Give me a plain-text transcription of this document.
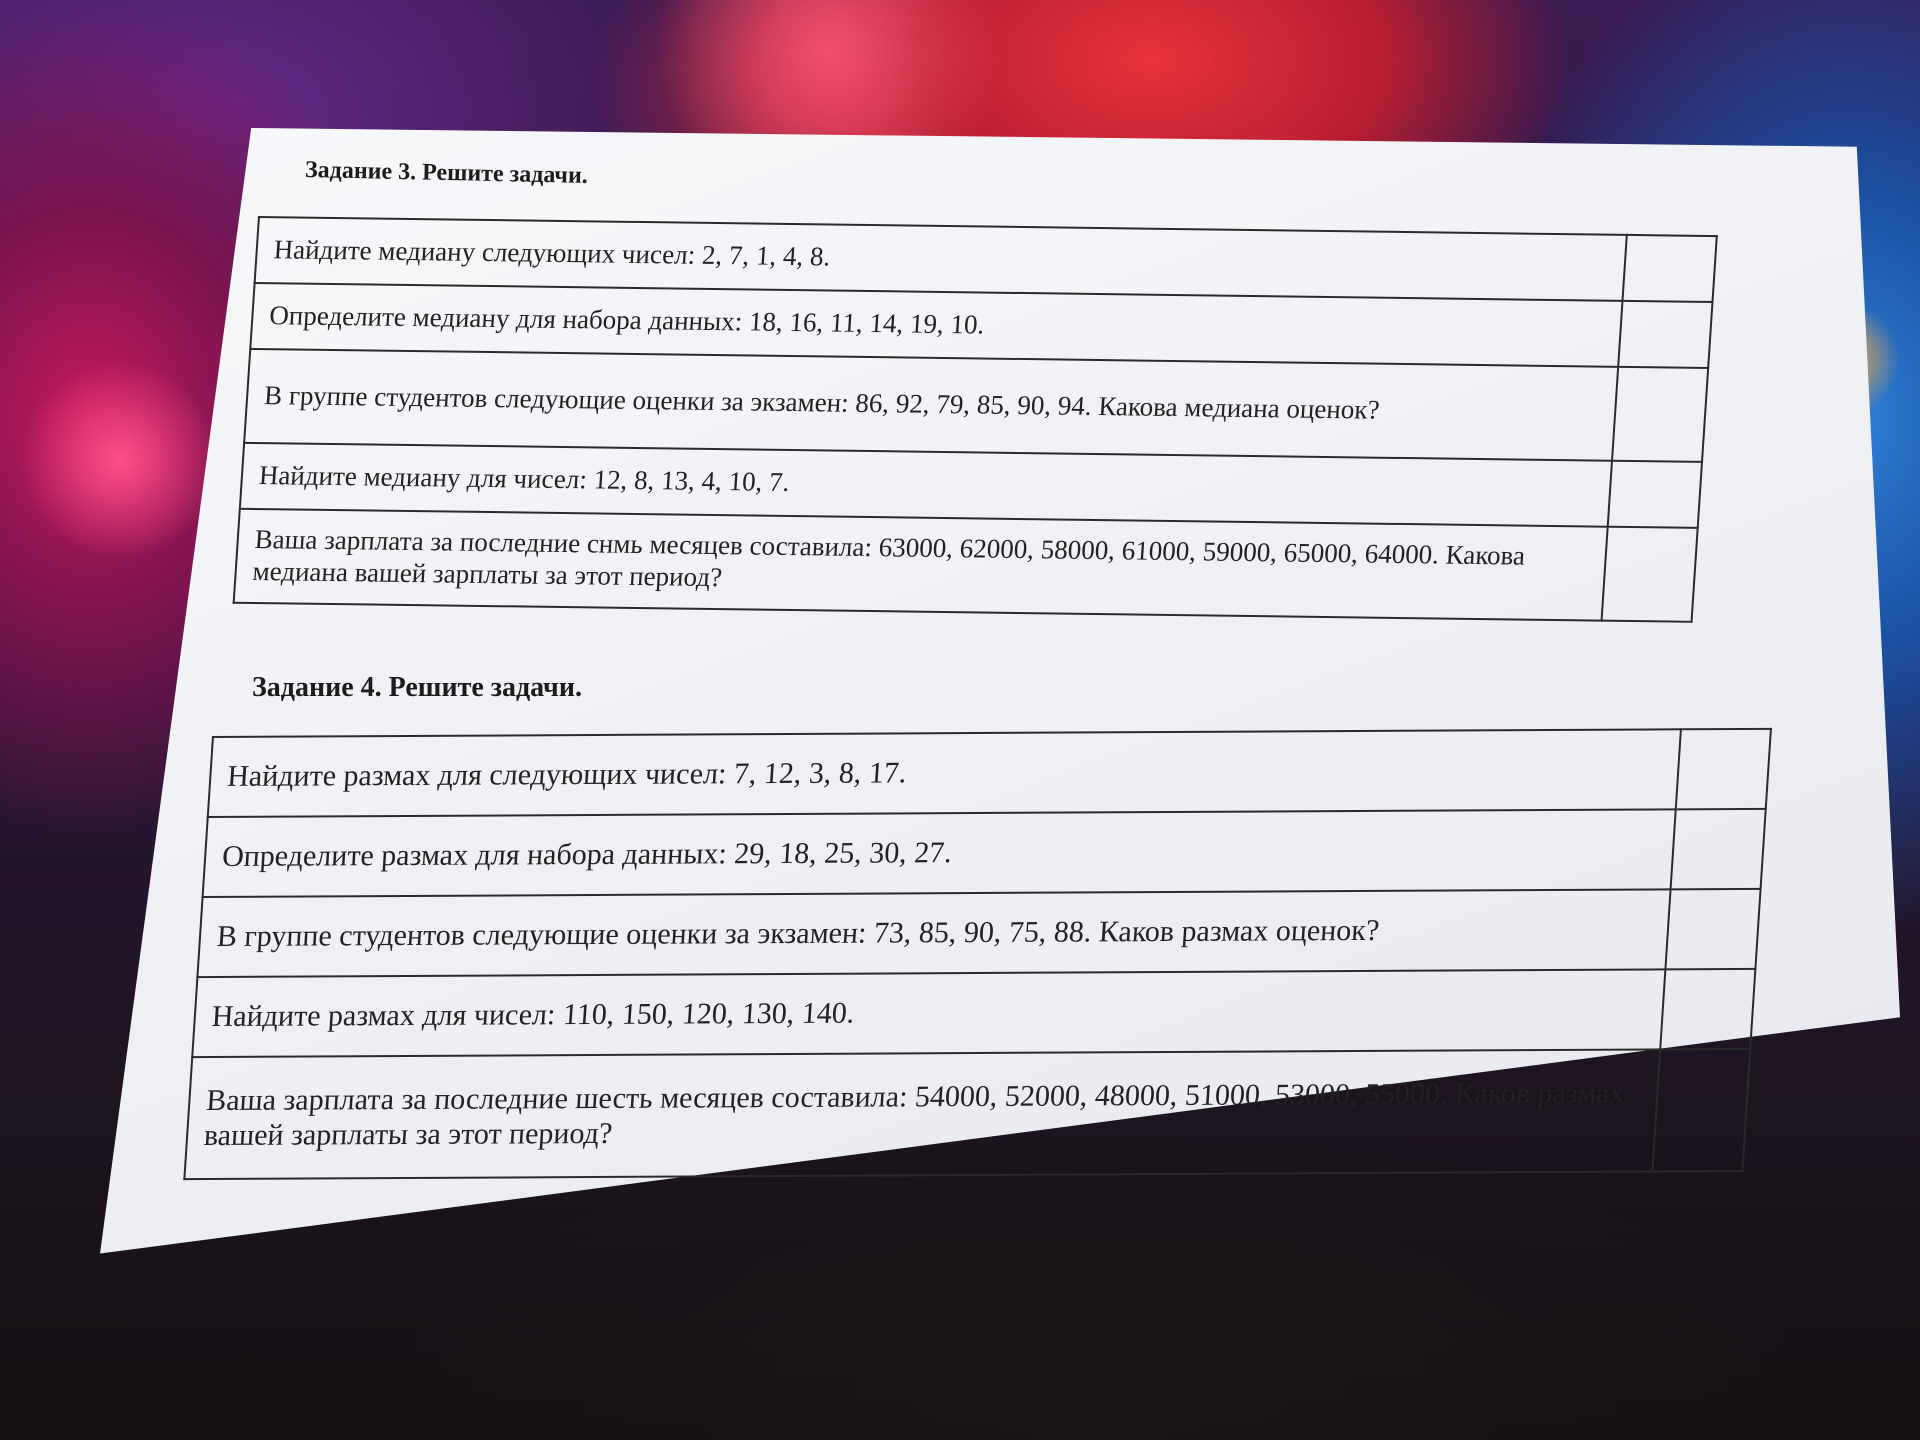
Задание 3. Решите задачи.
Найдите медиану следующих чисел: 2, 7, 1, 4, 8.	
Определите медиану для набора данных: 18, 16, 11, 14, 19, 10.	
В группе студентов следующие оценки за экзамен: 86, 92, 79, 85, 90, 94. Какова медиана оценок?	
Найдите медиану для чисел: 12, 8, 13, 4, 10, 7.	
Ваша зарплата за последние снмь месяцев составила: 63000, 62000, 58000, 61000, 59000, 65000, 64000. Какова медиана вашей зарплаты за этот период?	
Задание 4. Решите задачи.
Найдите размах для следующих чисел: 7, 12, 3, 8, 17.	
Определите размах для набора данных: 29, 18, 25, 30, 27.	
В группе студентов следующие оценки за экзамен: 73, 85, 90, 75, 88. Каков размах оценок?	
Найдите размах для чисел: 110, 150, 120, 130, 140.	
Ваша зарплата за последние шесть месяцев составила: 54000, 52000, 48000, 51000, 53000, 55000. Каков размах вашей зарплаты за этот период?	
